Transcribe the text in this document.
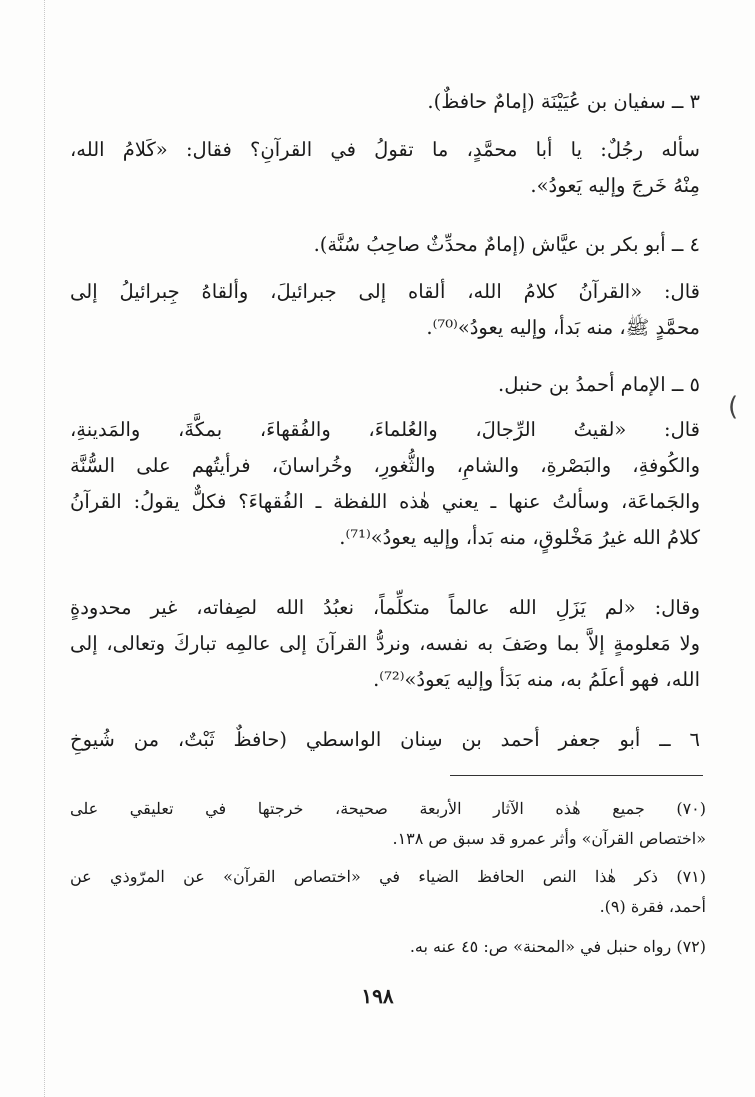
(
٣ ــ سفيان بن عُيَيْنَة (إمامٌ حافظٌ).
سأله رجُلٌ: يا أبا محمَّدٍ، ما تقولُ في القرآنِ؟ فقال: «كَلامُ الله،
مِنْهُ خَرجَ وإليه يَعودُ».
٤ ــ أبو بكر بن عيَّاش (إمامٌ محدِّثٌ صاحِبُ سُنَّة).
قال: «القرآنُ كلامُ الله، ألقاه إلى جبرائيلَ، وألقاهُ جِبرائيلُ إلى
محمَّدٍ ﷺ، منه بَدأ، وإليه يعودُ»⁽⁷⁰⁾.
٥ ــ الإمام أحمدُ بن حنبل.
قال: «لقيتُ الرِّجالَ، والعُلماءَ، والفُقهاءَ، بمكَّةَ، والمَدينةِ،
والكُوفةِ، والبَصْرةِ، والشامِ، والثُّغورِ، وخُراسانَ، فرأيتُهم على السُّنَّة
والجَماعَة، وسألتُ عنها ـ يعني هٰذه اللفظة ـ الفُقهاءَ؟ فكلٌّ يقولُ: القرآنُ
كلامُ الله غيرُ مَخْلوقٍ، منه بَدأ، وإليه يعودُ»⁽⁷¹⁾.
وقال: «لم يَزَلِ الله عالماً متكلِّماً، نعبُدُ الله لصِفاته، غير محدودةٍ
ولا مَعلومةٍ إلاَّ بما وصَفَ به نفسه، ونردُّ القرآنَ إلى عالمِه تباركَ وتعالى، إلى
الله، فهو أعلَمُ به، منه بَدَأ وإليه يَعودُ»⁽⁷²⁾.
٦ ــ أبو جعفر أحمد بن سِنان الواسطي (حافظٌ ثَبْتٌ، من شُيوخِ
(٧٠) جميع هٰذه الآثار الأربعة صحيحة، خرجتها في تعليقي على
«اختصاص القرآن» وأثر عمرو قد سبق ص ١٣٨.
(٧١) ذكر هٰذا النص الحافظ الضياء في «اختصاص القرآن» عن المرّوذي عن
أحمد، فقرة (٩).
(٧٢) رواه حنبل في «المحنة» ص: ٤٥ عنه به.
١٩٨
